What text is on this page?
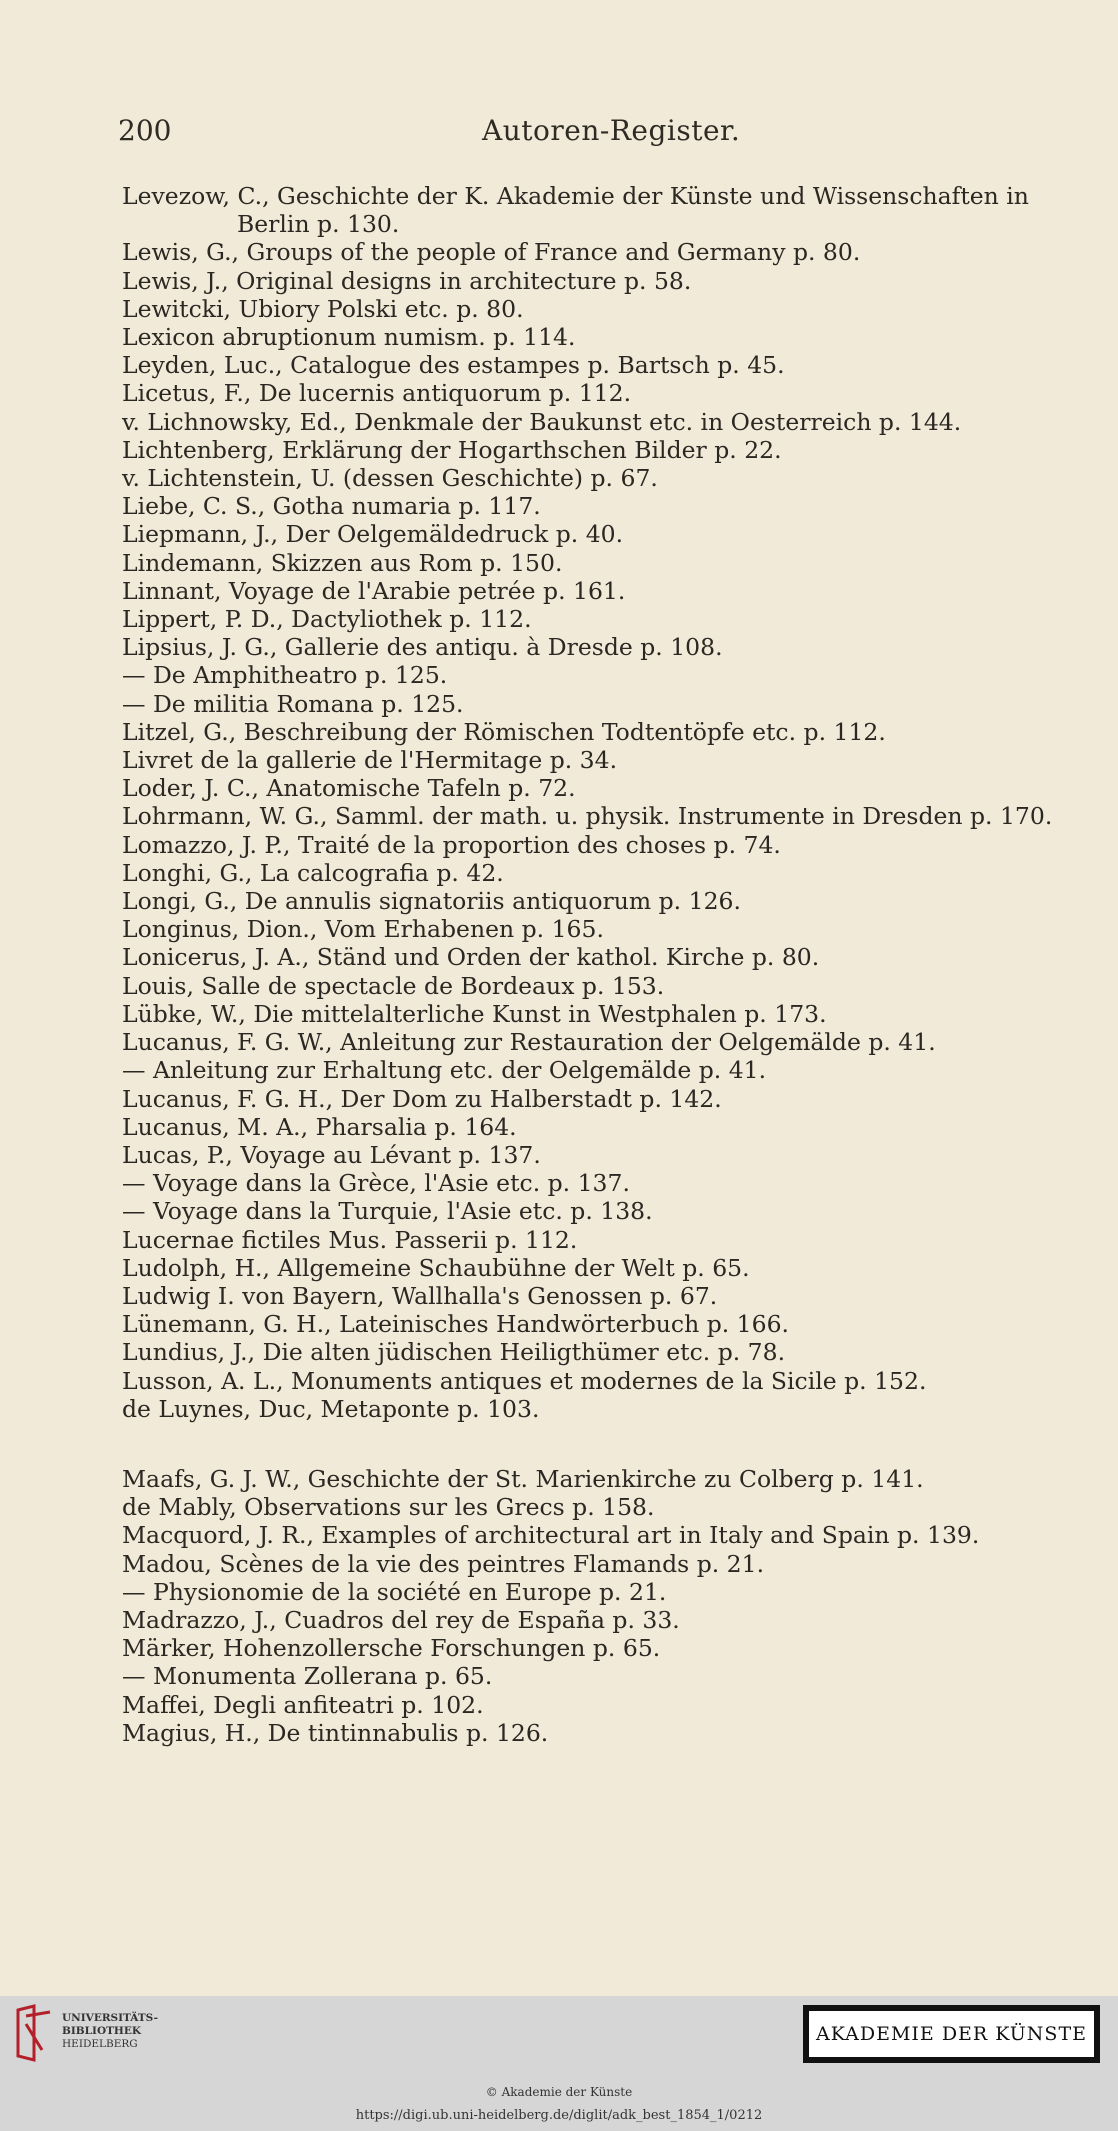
200	Autoren-Register.
Levezow, C., Geschichte der K. Akademie der Künste und Wissenschaften in
Berlin p. 130.
Lewis, G., Groups of the people of France and Germany p. 80.
Lewis, J., Original designs in architecture p. 58.
Lewitcki, Ubiory Polski etc. p. 80.
Lexicon abruptionum numism. p. 114.
Leyden, Luc., Catalogue des estampes p. Bartsch p. 45.
Licetus, F., De lucernis antiquorum p. 112.
v. Lichnowsky, Ed., Denkmale der Baukunst etc. in Oesterreich p. 144.
Lichtenberg, Erklärung der Hogarthschen Bilder p. 22.
v. Lichtenstein, U. (dessen Geschichte) p. 67.
Liebe, C. S., Gotha numaria p. 117.
Liepmann, J., Der Oelgemäldedruck p. 40.
Lindemann, Skizzen aus Rom p. 150.
Linnant, Voyage de l'Arabie petrée p. 161.
Lippert, P. D., Dactyliothek p. 112.
Lipsius, J. G., Gallerie des antiqu. à Dresde p. 108.
— De Amphitheatro p. 125.
— De militia Romana p. 125.
Litzel, G., Beschreibung der Römischen Todtentöpfe etc. p. 112.
Livret de la gallerie de l'Hermitage p. 34.
Loder, J. C., Anatomische Tafeln p. 72.
Lohrmann, W. G., Samml. der math. u. physik. Instrumente in Dresden p. 170.
Lomazzo, J. P., Traité de la proportion des choses p. 74.
Longhi, G., La calcografia p. 42.
Longi, G., De annulis signatoriis antiquorum p. 126.
Longinus, Dion., Vom Erhabenen p. 165.
Lonicerus, J. A., Ständ und Orden der kathol. Kirche p. 80.
Louis, Salle de spectacle de Bordeaux p. 153.
Lübke, W., Die mittelalterliche Kunst in Westphalen p. 173.
Lucanus, F. G. W., Anleitung zur Restauration der Oelgemälde p. 41.
— Anleitung zur Erhaltung etc. der Oelgemälde p. 41.
Lucanus, F. G. H., Der Dom zu Halberstadt p. 142.
Lucanus, M. A., Pharsalia p. 164.
Lucas, P., Voyage au Lévant p. 137.
— Voyage dans la Grèce, l'Asie etc. p. 137.
— Voyage dans la Turquie, l'Asie etc. p. 138.
Lucernae fictiles Mus. Passerii p. 112.
Ludolph, H., Allgemeine Schaubühne der Welt p. 65.
Ludwig I. von Bayern, Wallhalla's Genossen p. 67.
Lünemann, G. H., Lateinisches Handwörterbuch p. 166.
Lundius, J., Die alten jüdischen Heiligthümer etc. p. 78.
Lusson, A. L., Monuments antiques et modernes de la Sicile p. 152.
de Luynes, Duc, Metaponte p. 103.
Maafs, G. J. W., Geschichte der St. Marienkirche zu Colberg p. 141.
de Mably, Observations sur les Grecs p. 158.
Macquord, J. R., Examples of architectural art in Italy and Spain p. 139.
Madou, Scènes de la vie des peintres Flamands p. 21.
— Physionomie de la société en Europe p. 21.
Madrazzo, J., Cuadros del rey de España p. 33.
Märker, Hohenzollersche Forschungen p. 65.
— Monumenta Zollerana p. 65.
Maffei, Degli anfiteatri p. 102.
Magius, H., De tintinnabulis p. 126.
UNIVERSITÄTS-
BIBLIOTHEK
HEIDELBERG	AKADEMIE DER KÜNSTE
© Akademie der Künste
https://digi.ub.uni-heidelberg.de/diglit/adk_best_1854_1/0212
